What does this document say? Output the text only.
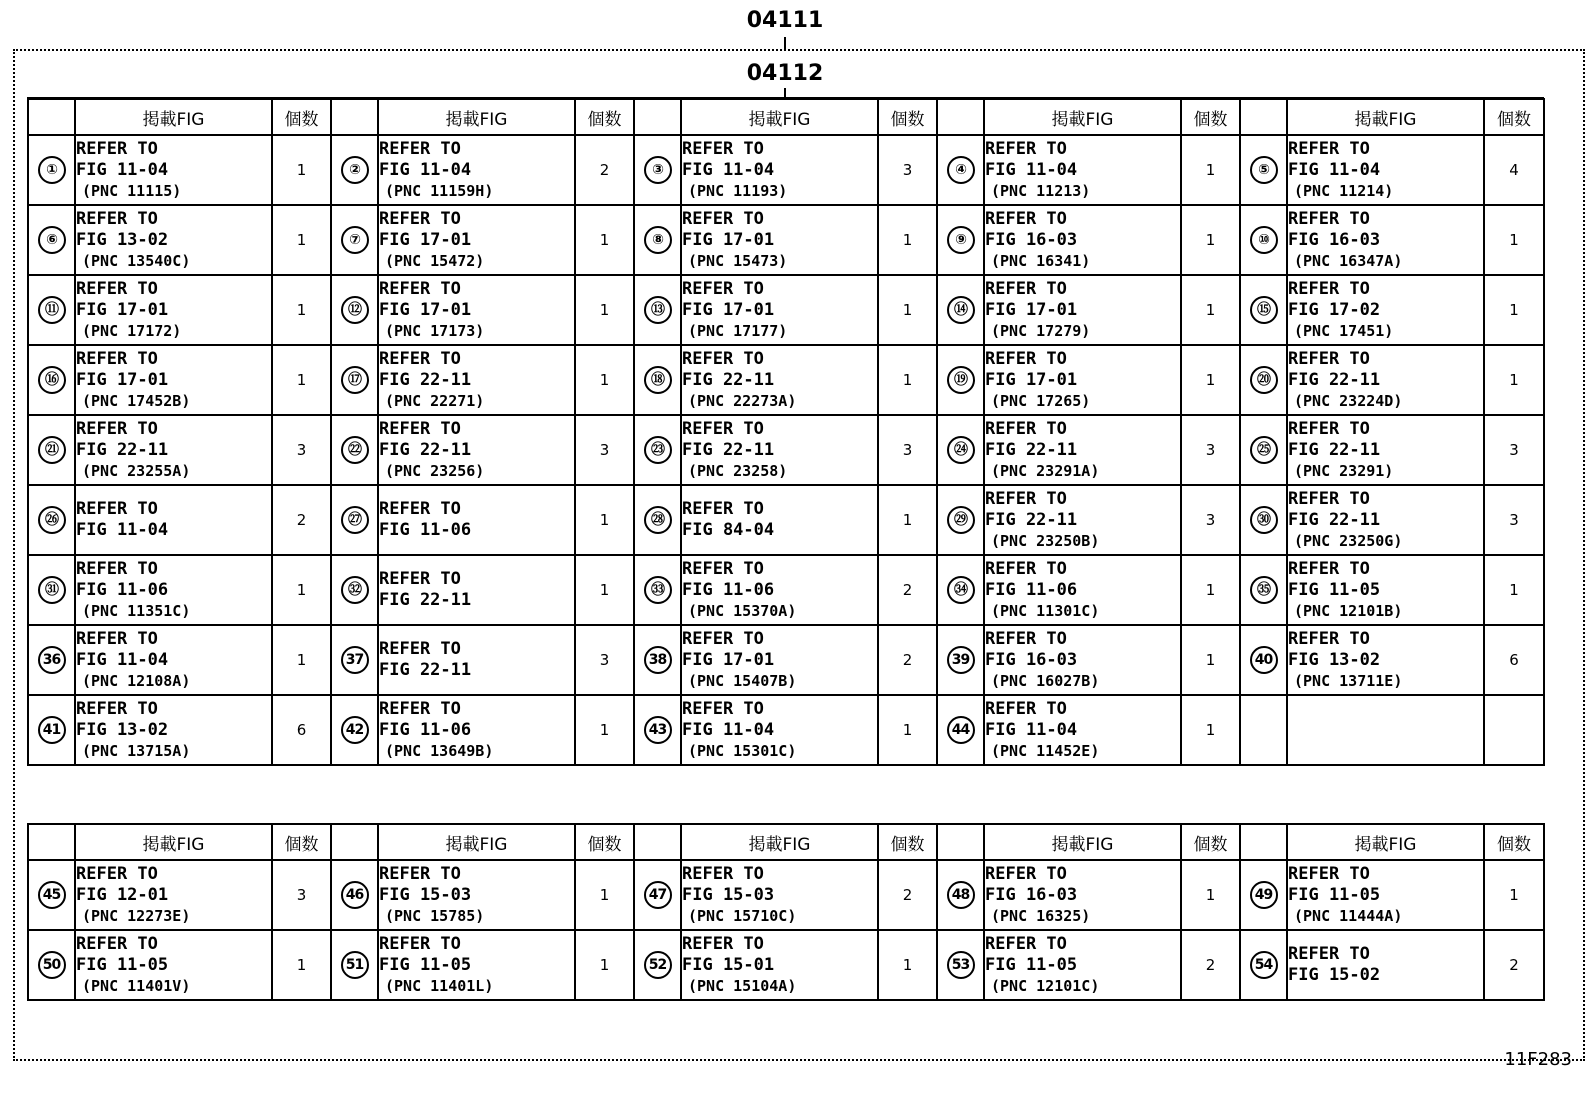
04111
04112
	掲載FIG	個数		掲載FIG	個数		掲載FIG	個数		掲載FIG	個数		掲載FIG	個数
①	REFER TO
FIG 11-04
(PNC 11115)	1	②	REFER TO
FIG 11-04
(PNC 11159H)	2	③	REFER TO
FIG 11-04
(PNC 11193)	3	④	REFER TO
FIG 11-04
(PNC 11213)	1	⑤	REFER TO
FIG 11-04
(PNC 11214)	4
⑥	REFER TO
FIG 13-02
(PNC 13540C)	1	⑦	REFER TO
FIG 17-01
(PNC 15472)	1	⑧	REFER TO
FIG 17-01
(PNC 15473)	1	⑨	REFER TO
FIG 16-03
(PNC 16341)	1	⑩	REFER TO
FIG 16-03
(PNC 16347A)	1
⑪	REFER TO
FIG 17-01
(PNC 17172)	1	⑫	REFER TO
FIG 17-01
(PNC 17173)	1	⑬	REFER TO
FIG 17-01
(PNC 17177)	1	⑭	REFER TO
FIG 17-01
(PNC 17279)	1	⑮	REFER TO
FIG 17-02
(PNC 17451)	1
⑯	REFER TO
FIG 17-01
(PNC 17452B)	1	⑰	REFER TO
FIG 22-11
(PNC 22271)	1	⑱	REFER TO
FIG 22-11
(PNC 22273A)	1	⑲	REFER TO
FIG 17-01
(PNC 17265)	1	⑳	REFER TO
FIG 22-11
(PNC 23224D)	1
㉑	REFER TO
FIG 22-11
(PNC 23255A)	3	㉒	REFER TO
FIG 22-11
(PNC 23256)	3	㉓	REFER TO
FIG 22-11
(PNC 23258)	3	㉔	REFER TO
FIG 22-11
(PNC 23291A)	3	㉕	REFER TO
FIG 22-11
(PNC 23291)	3
㉖	REFER TO
FIG 11-04	2	㉗	REFER TO
FIG 11-06	1	㉘	REFER TO
FIG 84-04	1	㉙	REFER TO
FIG 22-11
(PNC 23250B)	3	㉚	REFER TO
FIG 22-11
(PNC 23250G)	3
㉛	REFER TO
FIG 11-06
(PNC 11351C)	1	㉜	REFER TO
FIG 22-11	1	㉝	REFER TO
FIG 11-06
(PNC 15370A)	2	㉞	REFER TO
FIG 11-06
(PNC 11301C)	1	㉟	REFER TO
FIG 11-05
(PNC 12101B)	1
36	REFER TO
FIG 11-04
(PNC 12108A)	1	37	REFER TO
FIG 22-11	3	38	REFER TO
FIG 17-01
(PNC 15407B)	2	39	REFER TO
FIG 16-03
(PNC 16027B)	1	40	REFER TO
FIG 13-02
(PNC 13711E)	6
41	REFER TO
FIG 13-02
(PNC 13715A)	6	42	REFER TO
FIG 11-06
(PNC 13649B)	1	43	REFER TO
FIG 11-04
(PNC 15301C)	1	44	REFER TO
FIG 11-04
(PNC 11452E)	1			
	掲載FIG	個数		掲載FIG	個数		掲載FIG	個数		掲載FIG	個数		掲載FIG	個数
45	REFER TO
FIG 12-01
(PNC 12273E)	3	46	REFER TO
FIG 15-03
(PNC 15785)	1	47	REFER TO
FIG 15-03
(PNC 15710C)	2	48	REFER TO
FIG 16-03
(PNC 16325)	1	49	REFER TO
FIG 11-05
(PNC 11444A)	1
50	REFER TO
FIG 11-05
(PNC 11401V)	1	51	REFER TO
FIG 11-05
(PNC 11401L)	1	52	REFER TO
FIG 15-01
(PNC 15104A)	1	53	REFER TO
FIG 11-05
(PNC 12101C)	2	54	REFER TO
FIG 15-02	2
11F283
